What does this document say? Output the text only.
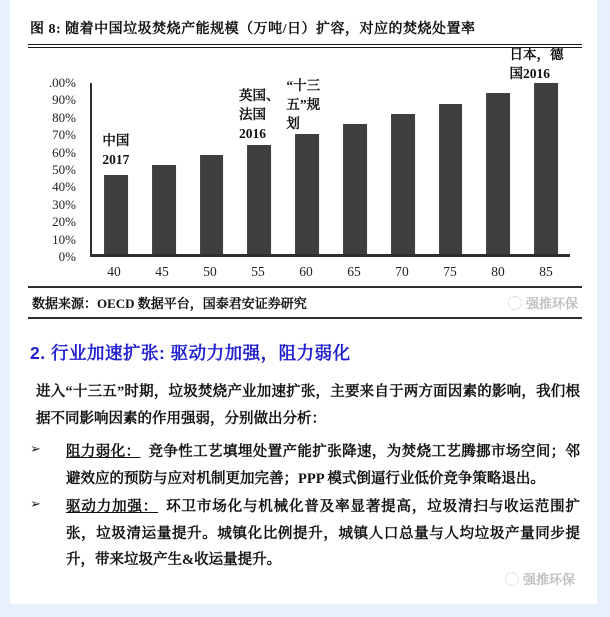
图 8: 随着中国垃圾焚烧产能规模（万吨/日）扩容，对应的焚烧处置率
.00%
90%
80%
70%
60%
50%
40%
30%
20%
10%
0%
中国
2017
英国、
法国
2016
“十三
五”规
划
日本，德
国2016
40	45	50	55	60	65	70	75	80	85
数据来源：OECD 数据平台，国泰君安证券研究	强推环保
2. 行业加速扩张: 驱动力加强，阻力弱化

进入“十三五”时期，垃圾焚烧产业加速扩张，主要来自于两方面因素的影响，我们根据不同影响因素的作用强弱，分别做出分析：

➢	阻力弱化： 竞争性工艺填埋处置产能扩张降速，为焚烧工艺腾挪市场空间；邻避效应的预防与应对机制更加完善；PPP 模式倒逼行业低价竞争策略退出。
➢	驱动力加强： 环卫市场化与机械化普及率显著提高，垃圾清扫与收运范围扩张，垃圾清运量提升。城镇化比例提升，城镇人口总量与人均垃圾产量同步提升，带来垃圾产生&收运量提升。
强推环保
